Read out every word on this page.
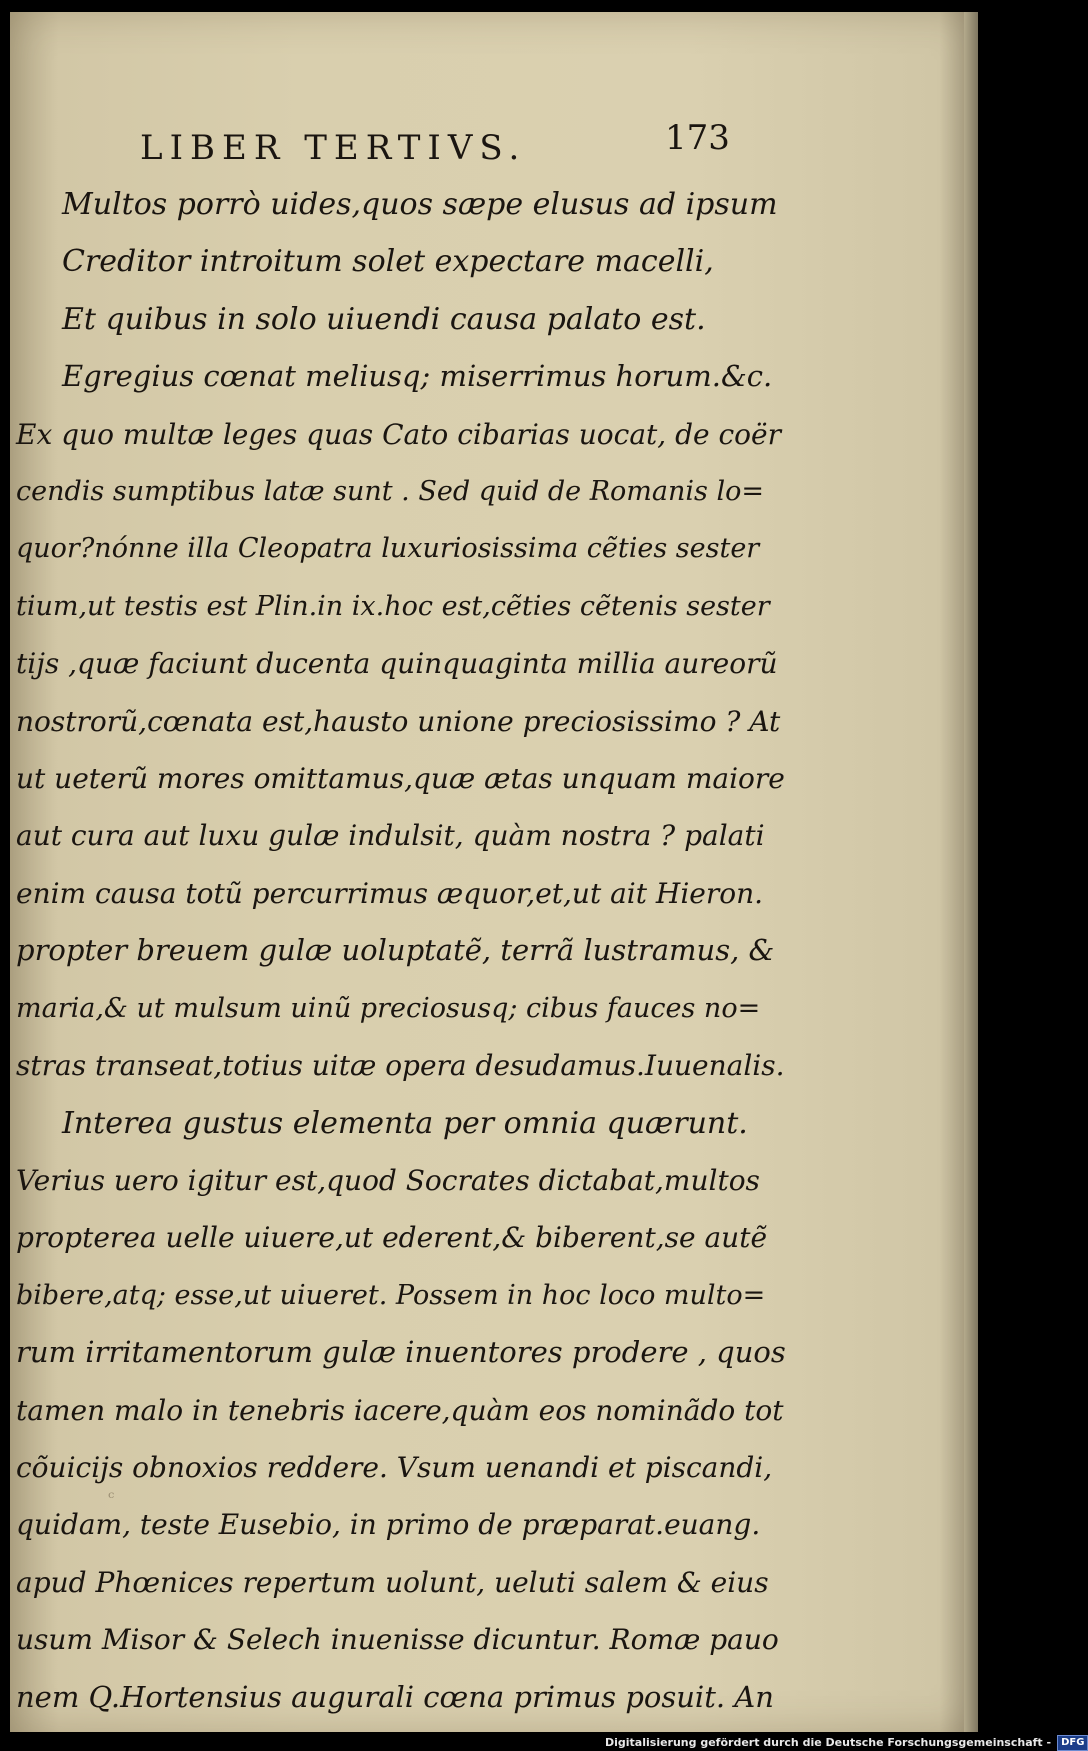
LIBER TERTIVS.	173
Multos porrò uides,quos sæpe elusus ad ipsum
Creditor introitum solet expectare macelli,
Et quibus in solo uiuendi causa palato est.
Egregius cœnat meliusq; miserrimus horum.&c.
Ex quo multæ leges quas Cato cibarias uocat, de coër
cendis sumptibus latæ sunt . Sed quid de Romanis lo=
quor?nónne illa Cleopatra luxuriosissima cẽties sester
tium,ut testis est Plin.in ix.hoc est,cẽties cẽtenis sester
tijs ,quæ faciunt ducenta quinquaginta millia aureorũ
nostrorũ,cœnata est,hausto unione preciosissimo ? At
ut ueterũ mores omittamus,quæ ætas unquam maiore
aut cura aut luxu gulæ indulsit, quàm nostra ? palati
enim causa totũ percurrimus æquor,et,ut ait Hieron.
propter breuem gulæ uoluptatẽ, terrã lustramus, &
maria,& ut mulsum uinũ preciosusq; cibus fauces no=
stras transeat,totius uitæ opera desudamus.Iuuenalis.
Interea gustus elementa per omnia quærunt.
Verius uero igitur est,quod Socrates dictabat,multos
propterea uelle uiuere,ut ederent,& biberent,se autẽ
bibere,atq; esse,ut uiueret. Possem in hoc loco multo=
rum irritamentorum gulæ inuentores prodere , quos
tamen malo in tenebris iacere,quàm eos nominãdo tot
cõuicijs obnoxios reddere. Vsum uenandi et piscandi,
quidam, teste Eusebio, in primo de præparat.euang.
apud Phœnices repertum uolunt, ueluti salem & eius
usum Misor & Selech inuenisse dicuntur. Romæ pauo
nem Q.Hortensius augurali cœna primus posuit. An
ᶜ
Digitalisierung gefördert durch die Deutsche Forschungsgemeinschaft -	DFG
